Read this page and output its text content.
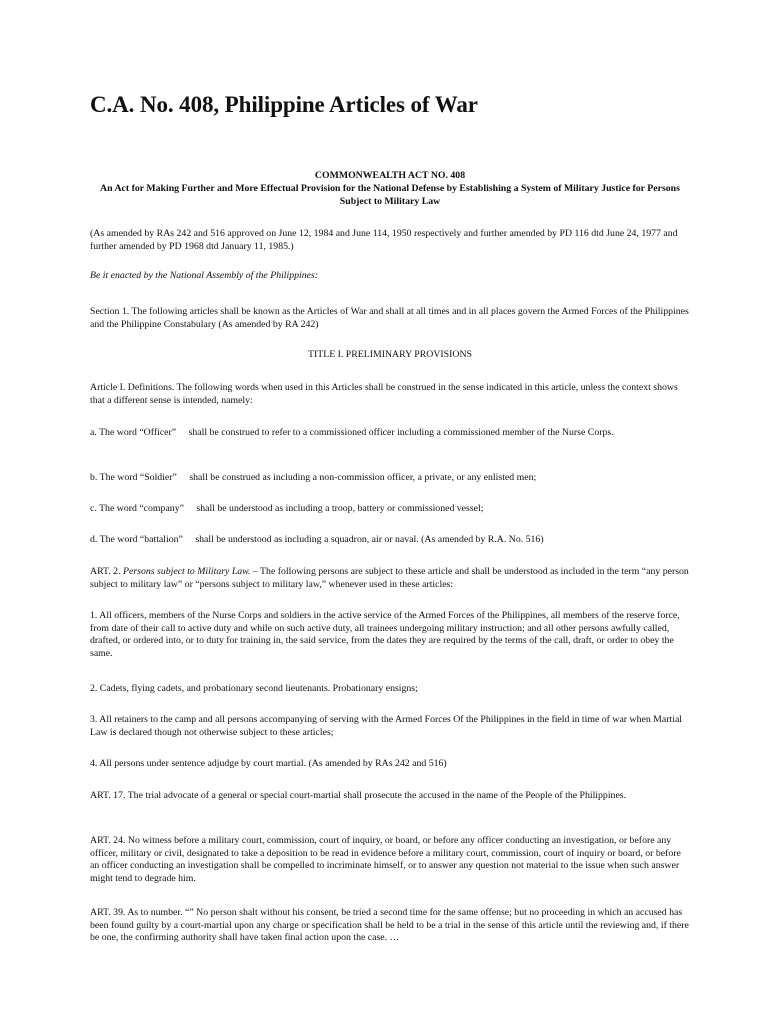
C.A. No. 408, Philippine Articles of War

COMMONWEALTH ACT NO. 408

An Act for Making Further and More Effectual Provision for the National Defense by Establishing a System of Military Justice for Persons Subject to Military Law

(As amended by RAs 242 and 516 approved on June 12, 1984 and June 114, 1950 respectively and further amended by PD 116 dtd June 24, 1977 and further amended by PD 1968 dtd January 11, 1985.)

Be it enacted by the National Assembly of the Philippines:

Section 1. The following articles shall be known as the Articles of War and shall at all times and in all places govern the Armed Forces of the Philippines and the Philippine Constabulary (As amended by RA 242)

TITLE I. PRELIMINARY PROVISIONS

Article I. Definitions. The following words when used in this Articles shall be construed in the sense indicated in this article, unless the context shows that a different sense is intended, namely:

a. The word “Officer” shall be construed to refer to a commissioned officer including a commissioned member of the Nurse Corps.

b. The word “Soldier” shall be construed as including a non-commission officer, a private, or any enlisted men;

c. The word “company” shall be understood as including a troop, battery or commissioned vessel;

d. The word “battalion” shall be understood as including a squadron, air or naval. (As amended by R.A. No. 516)

ART. 2. Persons subject to Military Law. – The following persons are subject to these article and shall be understood as included in the term “any person subject to military law” or “persons subject to military law,” whenever used in these articles:

1. All officers, members of the Nurse Corps and soldiers in the active service of the Armed Forces of the Philippines, all members of the reserve force, from date of their call to active duty and while on such active duty, all trainees undergoing military instruction; and all other persons awfully called, drafted, or ordered into, or to duty for training in, the said service, from the dates they are required by the terms of the call, draft, or order to obey the same.

2. Cadets, flying cadets, and probationary second lieutenants. Probationary ensigns;

3. All retainers to the camp and all persons accompanying of serving with the Armed Forces Of the Philippines in the field in time of war when Martial Law is declared though not otherwise subject to these articles;

4. All persons under sentence adjudge by court martial. (As amended by RAs 242 and 516)

ART. 17. The trial advocate of a general or special court-martial shall prosecute the accused in the name of the People of the Philippines.

ART. 24. No witness before a military court, commission, court of inquiry, or board, or before any officer conducting an investigation, or before any officer, military or civil, designated to take a deposition to be read in evidence before a military court, commission, court of inquiry or board, or before an officer conducting an investigation shall be compelled to incriminate himself, or to answer any question not material to the issue when such answer might tend to degrade him.

ART. 39. As to number. “” No person shalt without his consent, be tried a second time for the same offense; but no proceeding in which an accused has been found guilty by a court-martial upon any charge or specification shall be held to be a trial in the sense of this article until the reviewing and, if there be one, the confirming authority shall have taken final action upon the case. …
